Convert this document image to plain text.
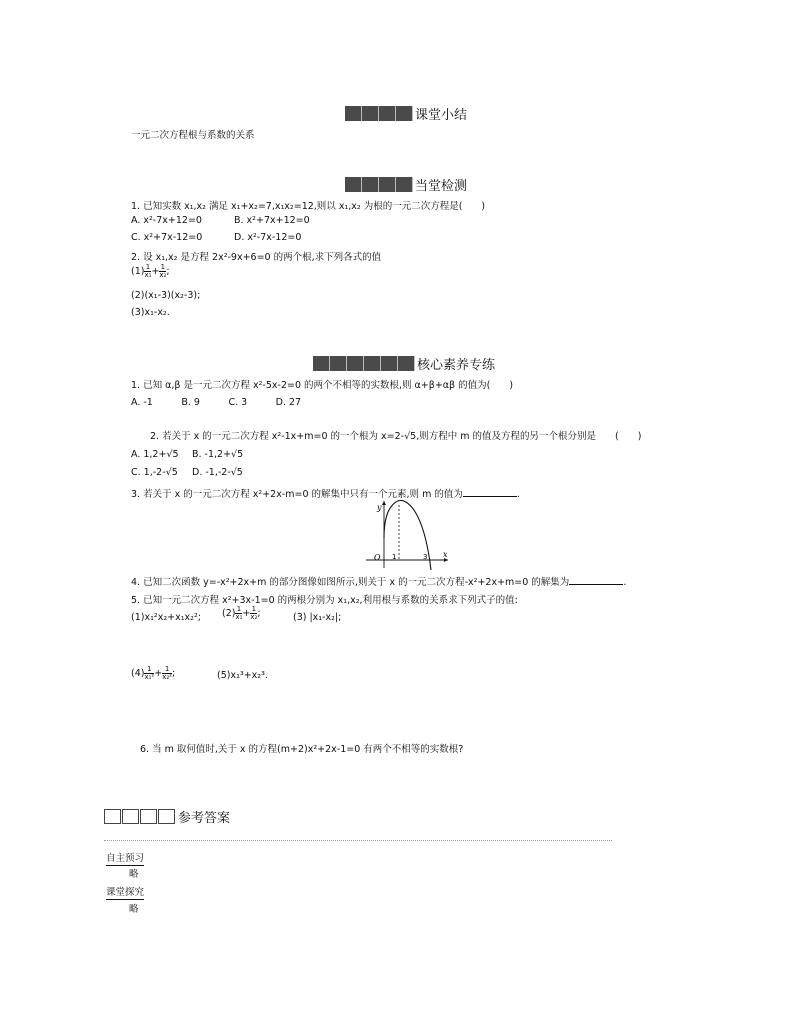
课堂小结
一元二次方程根与系数的关系
当堂检测
1. 已知实数 x₁,x₂ 满足 x₁+x₂=7,x₁x₂=12,则以 x₁,x₂ 为根的一元二次方程是(　　)
A. x²-7x+12=0	B. x²+7x+12=0
C. x²+7x-12=0	D. x²-7x-12=0
2. 设 x₁,x₂ 是方程 2x²-9x+6=0 的两个根,求下列各式的值
$(1) \frac{1}{\text{x₁}} + \frac{1}{\text{x₂}}$ ;
(2)(x₁-3)(x₂-3);
(3)x₁-x₂.
核心素养专练
1. 已知 α,β 是一元二次方程 x²-5x-2=0 的两个不相等的实数根,则 α+β+αβ 的值为(　　)
A. -1　　　B. 9　　　C. 3　　　D. 27
2. 若关于 x 的一元二次方程 x²-1x+m=0 的一个根为 x=2-√5,则方程中 m 的值及方程的另一个根分别是　　(　　)
A. 1,2+√5 B. -1,2+√5
C. 1,-2-√5 D. -1,-2-√5
3. 若关于 x 的一元二次方程 x²+2x-m=0 的解集中只有一个元素,则 m 的值为	.
y
x
O 1	3
4. 已知二次函数 y=-x²+2x+m 的部分图像如图所示,则关于 x 的一元二次方程-x²+2x+m=0 的解集为	.
5. 已知一元二次方程 x²+3x-1=0 的两根分别为 x₁,x₂,利用根与系数的关系求下列式子的值:
(1)x₁²x₂+x₁x₂²; $(2) \frac{1}{\text{x₁}} + \frac{1}{\text{x₂}}$ ;	(3) |x₁-x₂|;
$(4) \frac{1}{\text{x₁²}} + \frac{1}{\text{x₂²}}$ ;	(5)x₁³+x₂³.
6. 当 m 取何值时,关于 x 的方程(m+2)x²+2x-1=0 有两个不相等的实数根?
参考答案
自主预习
略
课堂探究
略
